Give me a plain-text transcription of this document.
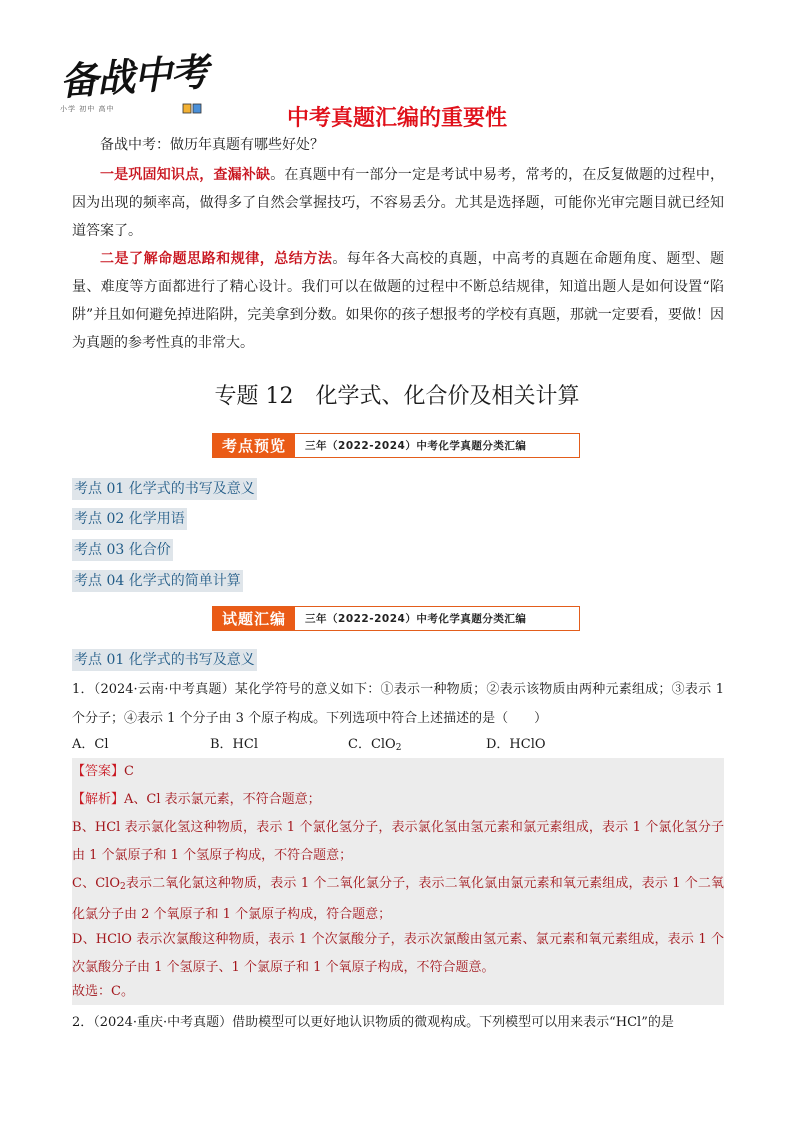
备战中考
小学 初中 高中	中考真题汇编的重要性
备战中考：做历年真题有哪些好处？
一是巩固知识点，查漏补缺。在真题中有一部分一定是考试中易考，常考的，在反复做题的过程中，因为出现的频率高，做得多了自然会掌握技巧，不容易丢分。尤其是选择题，可能你光审完题目就已经知道答案了。
二是了解命题思路和规律，总结方法。每年各大高校的真题，中高考的真题在命题角度、题型、题量、难度等方面都进行了精心设计。我们可以在做题的过程中不断总结规律，知道出题人是如何设置“陷阱”并且如何避免掉进陷阱，完美拿到分数。如果你的孩子想报考的学校有真题，那就一定要看，要做！因为真题的参考性真的非常大。
专题 12　化学式、化合价及相关计算
考点预览	三年（2022-2024）中考化学真题分类汇编
考点 01 化学式的书写及意义
考点 02 化学用语
考点 03 化合价
考点 04 化学式的简单计算
试题汇编	三年（2022-2024）中考化学真题分类汇编
考点 01 化学式的书写及意义
1．（2024·云南·中考真题）某化学符号的意义如下：①表示一种物质；②表示该物质由两种元素组成；③表示 1 个分子；④表示 1 个分子由 3 个原子构成。下列选项中符合上述描述的是（　　）
A．Cl	B．HCl	C．ClO$_2$	D．HClO
【答案】C
【解析】A、Cl 表示氯元素，不符合题意；
B、HCl 表示氯化氢这种物质，表示 1 个氯化氢分子，表示氯化氢由氢元素和氯元素组成，表示 1 个氯化氢分子由 1 个氯原子和 1 个氢原子构成，不符合题意；
C、ClO$_2$表示二氧化氯这种物质，表示 1 个二氧化氯分子，表示二氧化氯由氯元素和氧元素组成，表示 1 个二氧化氯分子由 2 个氧原子和 1 个氯原子构成，符合题意；
D、HClO 表示次氯酸这种物质，表示 1 个次氯酸分子，表示次氯酸由氢元素、氯元素和氧元素组成，表示 1 个次氯酸分子由 1 个氢原子、1 个氯原子和 1 个氧原子构成，不符合题意。
故选：C。
2．（2024·重庆·中考真题）借助模型可以更好地认识物质的微观构成。下列模型可以用来表示“HCl”的是
